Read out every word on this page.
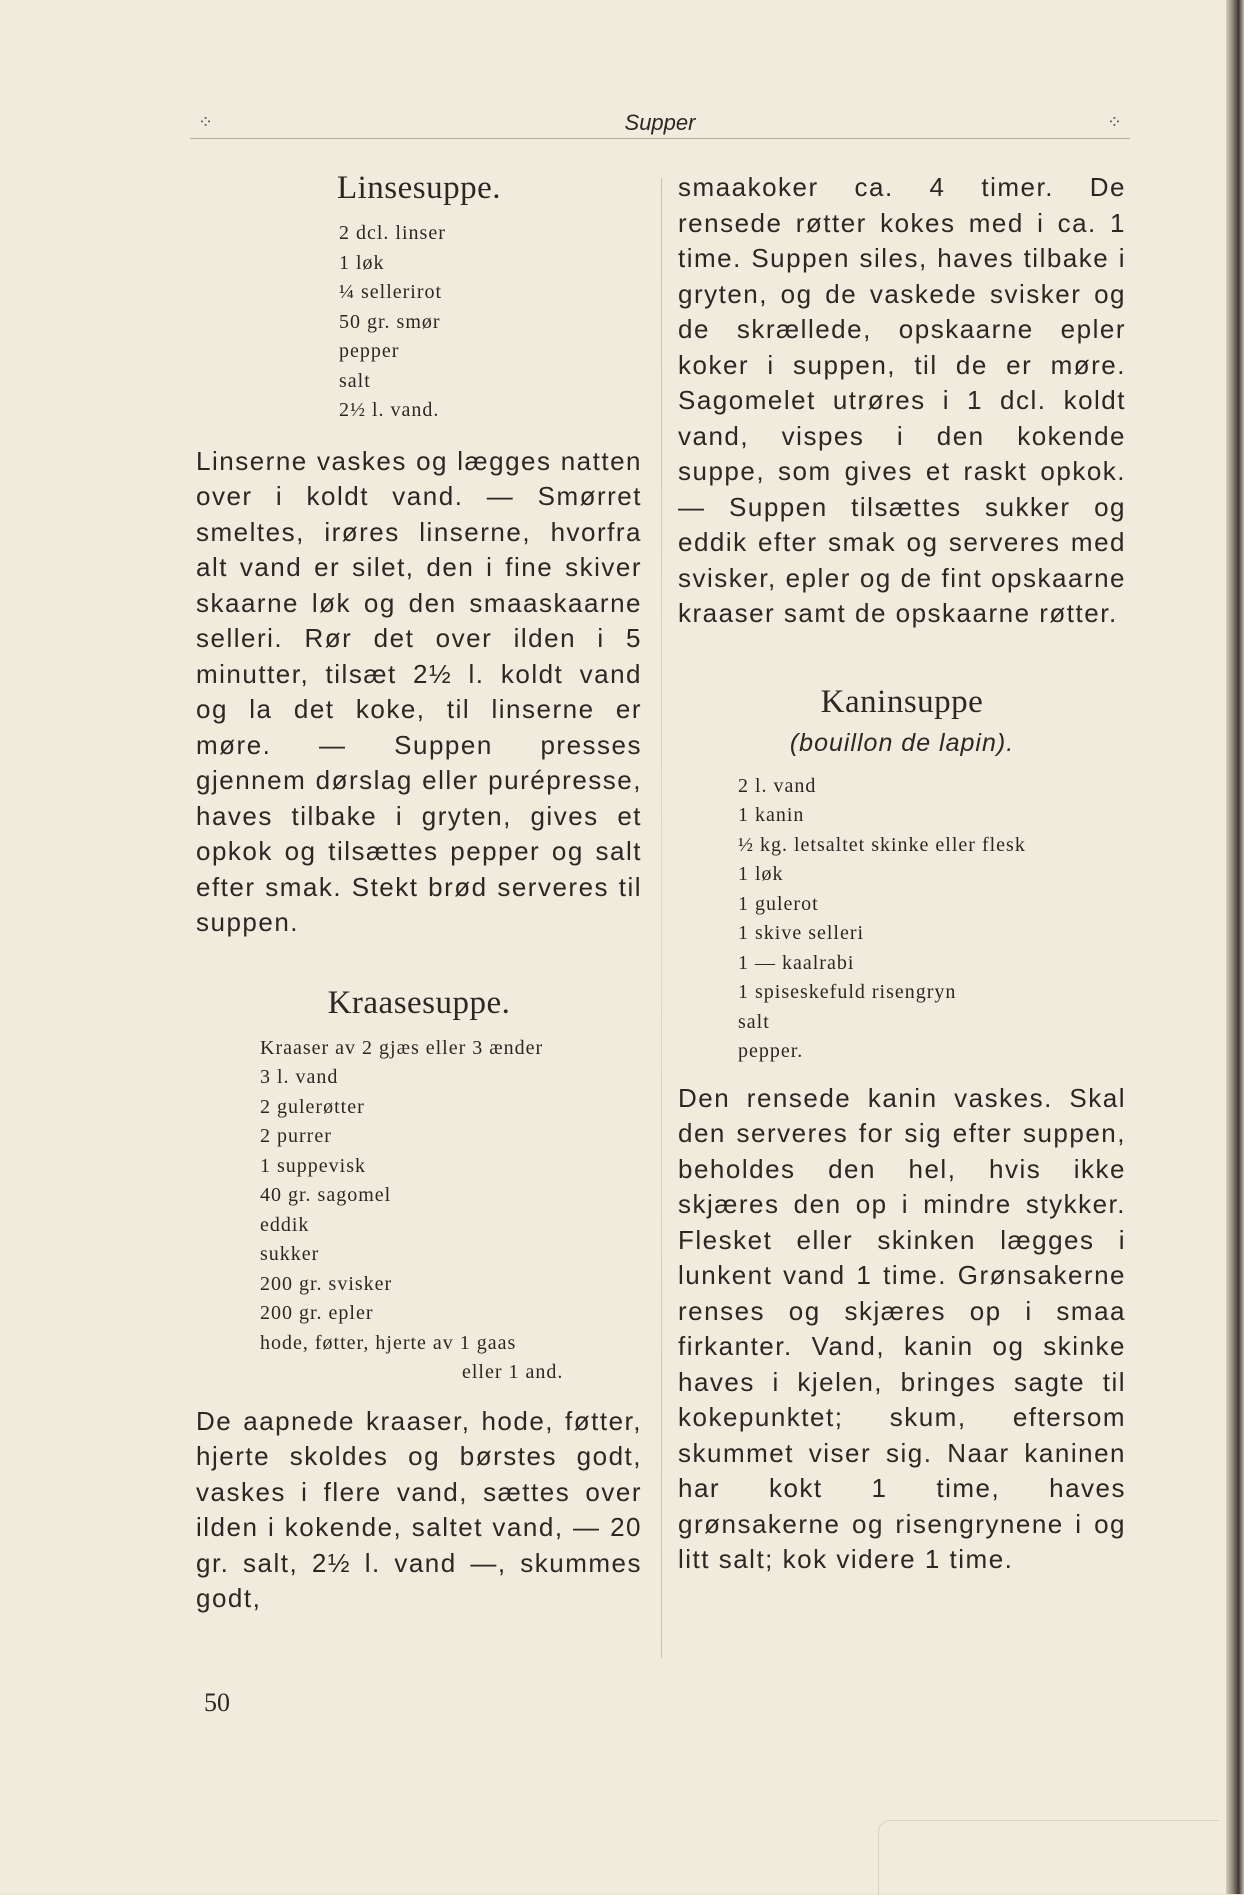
⁘	Supper	⁘
Linsesuppe.
2 dcl. linser
1 løk
¼ sellerirot
50 gr. smør
pepper
salt
2½ l. vand.

Linserne vaskes og lægges natten over i koldt vand. — Smørret smeltes, irøres linserne, hvorfra alt vand er silet, den i fine skiver skaarne løk og den smaaskaarne selleri. Rør det over ilden i 5 minutter, tilsæt 2½ l. koldt vand og la det koke, til linserne er møre. — Suppen presses gjennem dørslag eller purépresse, haves tilbake i gryten, gives et opkok og tilsættes pepper og salt efter smak. Stekt brød serveres til suppen.

Kraasesuppe.
Kraaser av 2 gjæs eller 3 ænder
3 l. vand
2 gulerøtter
2 purrer
1 suppevisk
40 gr. sagomel
eddik
sukker
200 gr. svisker
200 gr. epler
hode, føtter, hjerte av 1 gaas
eller 1 and.

De aapnede kraaser, hode, føtter, hjerte skoldes og børstes godt, vaskes i flere vand, sættes over ilden i kokende, saltet vand, — 20 gr. salt, 2½ l. vand —, skummes godt,

smaakoker ca. 4 timer. De rensede røtter kokes med i ca. 1 time. Suppen siles, haves tilbake i gryten, og de vaskede svisker og de skrællede, opskaarne epler koker i suppen, til de er møre. Sagomelet utrøres i 1 dcl. koldt vand, vispes i den kokende suppe, som gives et raskt opkok. — Suppen tilsættes sukker og eddik efter smak og serveres med svisker, epler og de fint opskaarne kraaser samt de opskaarne røtter.

Kaninsuppe
(bouillon de lapin).
2 l. vand
1 kanin
½ kg. letsaltet skinke eller flesk
1 løk
1 gulerot
1 skive selleri
1 — kaalrabi
1 spiseskefuld risengryn
salt
pepper.

Den rensede kanin vaskes. Skal den serveres for sig efter suppen, beholdes den hel, hvis ikke skjæres den op i mindre stykker. Flesket eller skinken lægges i lunkent vand 1 time. Grønsakerne renses og skjæres op i smaa firkanter. Vand, kanin og skinke haves i kjelen, bringes sagte til kokepunktet; skum, eftersom skummet viser sig. Naar kaninen har kokt 1 time, haves grønsakerne og risengrynene i og litt salt; kok videre 1 time.

50
